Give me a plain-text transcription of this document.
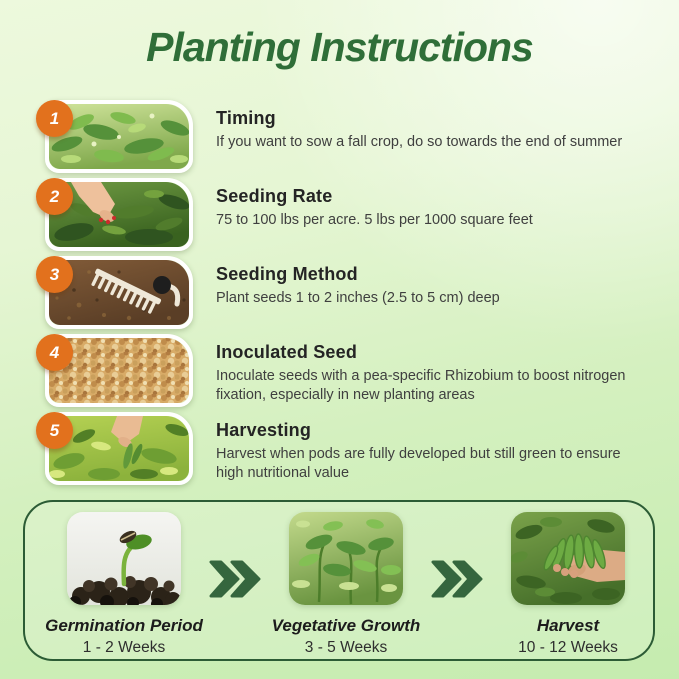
Planting Instructions
1	Timing
If you want to sow a fall crop, do so towards the end of summer
2	Seeding Rate
75 to 100 lbs per acre. 5 lbs per 1000 square feet
3	Seeding Method
Plant seeds 1 to 2 inches (2.5 to 5 cm) deep
4	Inoculated Seed
Inoculate seeds with a pea-specific Rhizobium to boost nitrogen fixation, especially in new planting areas
5	Harvesting
Harvest when pods are fully developed but still green to ensure high nutritional value
Germination Period
1 - 2 Weeks
Vegetative Growth
3 - 5 Weeks
Harvest
10 - 12 Weeks
